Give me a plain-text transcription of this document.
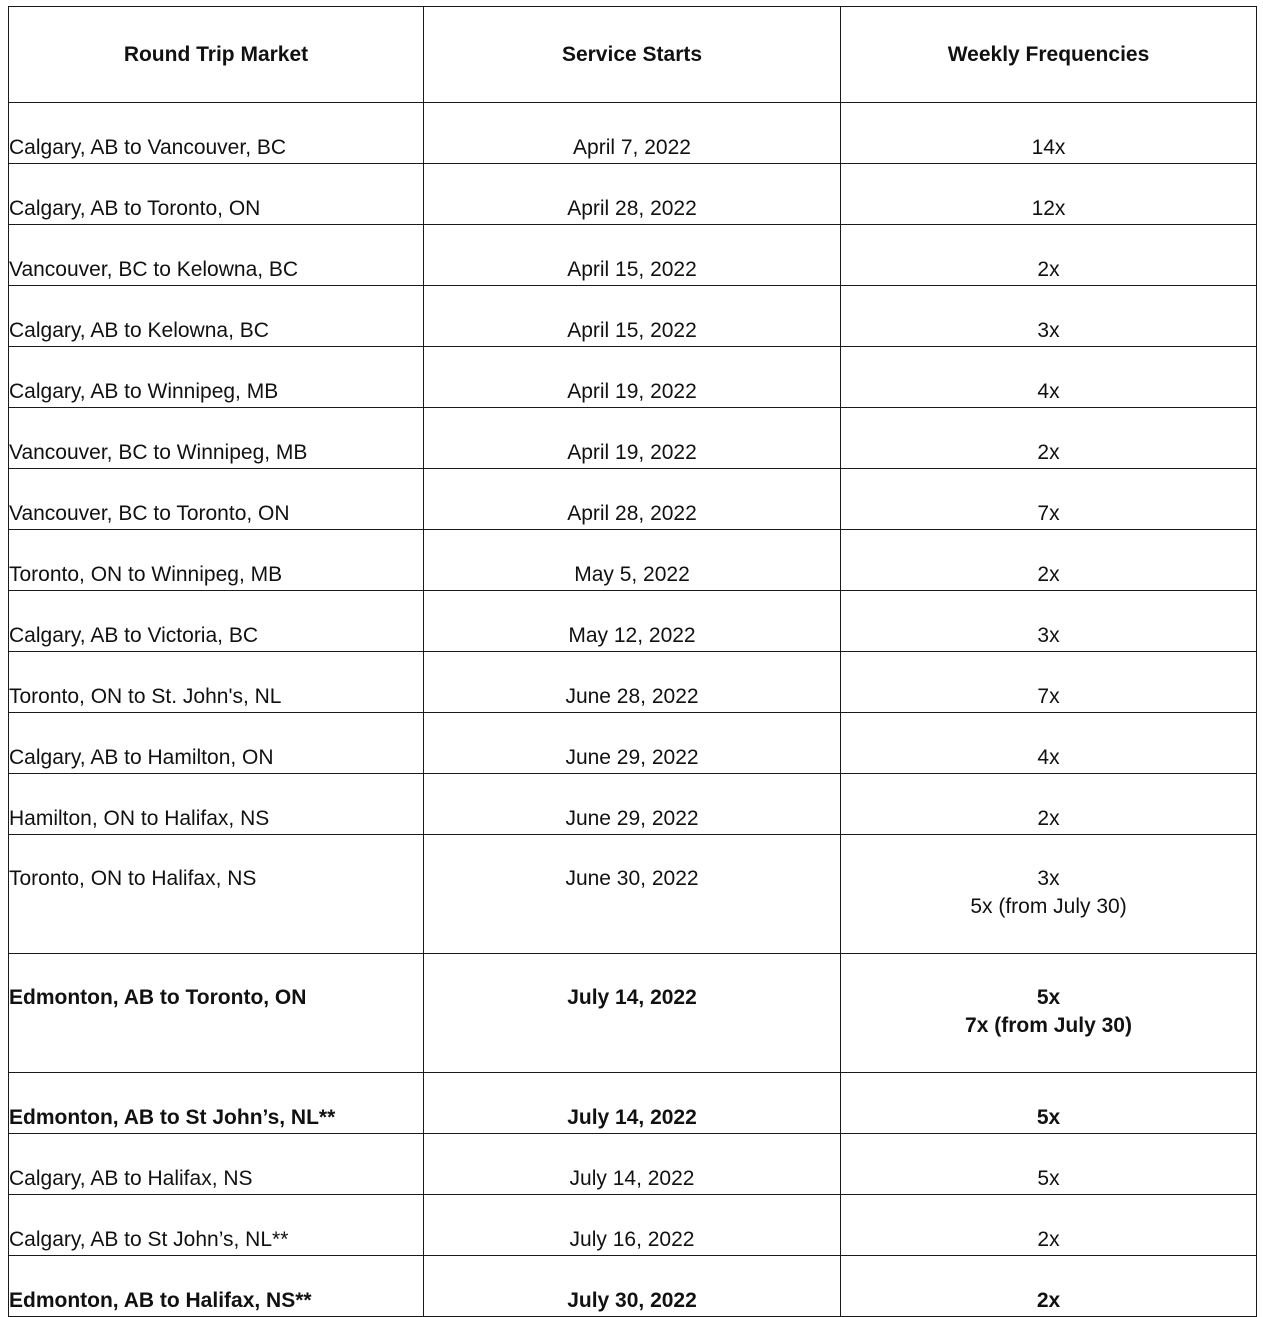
Round Trip Market	Service Starts	Weekly Frequencies
Calgary, AB to Vancouver, BC	April 7, 2022	14x

Calgary, AB to Toronto, ON	April 28, 2022	12x

Vancouver, BC to Kelowna, BC	April 15, 2022	2x

Calgary, AB to Kelowna, BC	April 15, 2022	3x

Calgary, AB to Winnipeg, MB	April 19, 2022	4x

Vancouver, BC to Winnipeg, MB	April 19, 2022	2x

Vancouver, BC to Toronto, ON	April 28, 2022	7x

Toronto, ON to Winnipeg, MB	May 5, 2022	2x

Calgary, AB to Victoria, BC	May 12, 2022	3x

Toronto, ON to St. John's, NL	June 28, 2022	7x

Calgary, AB to Hamilton, ON	June 29, 2022	4x

Hamilton, ON to Halifax, NS	June 29, 2022	2x

Toronto, ON to Halifax, NS	June 30, 2022	3x
5x (from July 30)

Edmonton, AB to Toronto, ON	July 14, 2022	5x
7x (from July 30)

Edmonton, AB to St John’s, NL**	July 14, 2022	5x

Calgary, AB to Halifax, NS	July 14, 2022	5x

Calgary, AB to St John’s, NL**	July 16, 2022	2x

Edmonton, AB to Halifax, NS**	July 30, 2022	2x
